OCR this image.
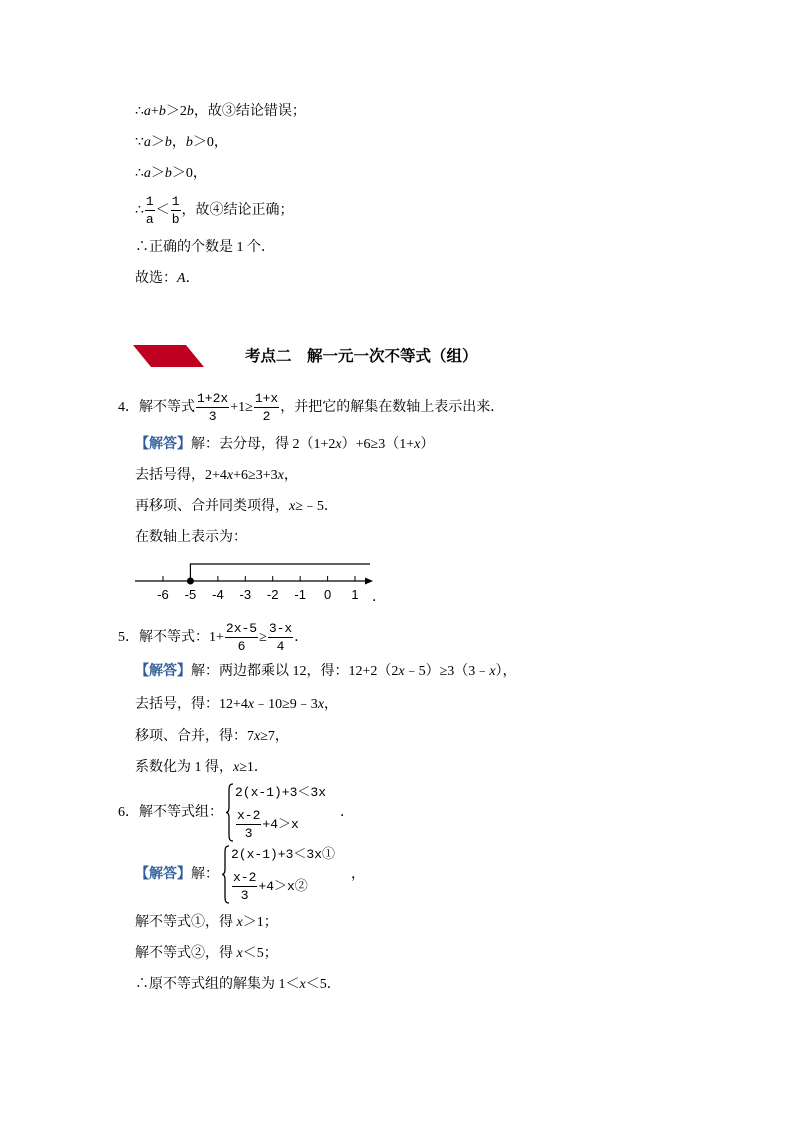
∴ a + b ＞2 b ，故③结论错误；
∵ a ＞ b ， b ＞0，
∴ a ＞ b ＞0，
∴ $\frac{1}{a} < \frac{1}{b}$ ，故④结论正确；
∴正确的个数是 1 个．
故选： A ．
考点二　解一元一次不等式（组）
4． 解不等式 $\frac{1+2x}{3} +1\ge \frac{1+x}{2}$ ，并把它的解集在数轴上表示出来．
【解答】 解：去分母，得 2（1+2 x ）+6≥3（1+ x ）
去括号得，2+4 x +6≥3+3 x ，
再移项、合并同类项得， x ≥﹣5．
在数轴上表示为：
-6 -5 -4 -3 -2 -1 0 1 ．
5． 解不等式：$1+ \frac{2x-5}{6} \ge \frac{3-x}{4}$ ．
【解答】 解：两边都乘以 12，得：12+2（2 x ﹣5）≥3（3﹣ x ），
去括号，得：12+4 x ﹣10≥9﹣3 x ，
移项、合并，得：7 x ≥7，
系数化为 1 得， x ≥1．
6． 解不等式组：
2(x-1)+3＜3x
$\frac{x-2}{3} +4>x$
．
【解答】 解：
2(x-1)+3＜3x①
$\frac{x-2}{3}$ +4＞x②
，
解不等式①，得 x ＞1；
解不等式②，得 x ＜5；
∴原不等式组的解集为 1＜ x ＜5．
